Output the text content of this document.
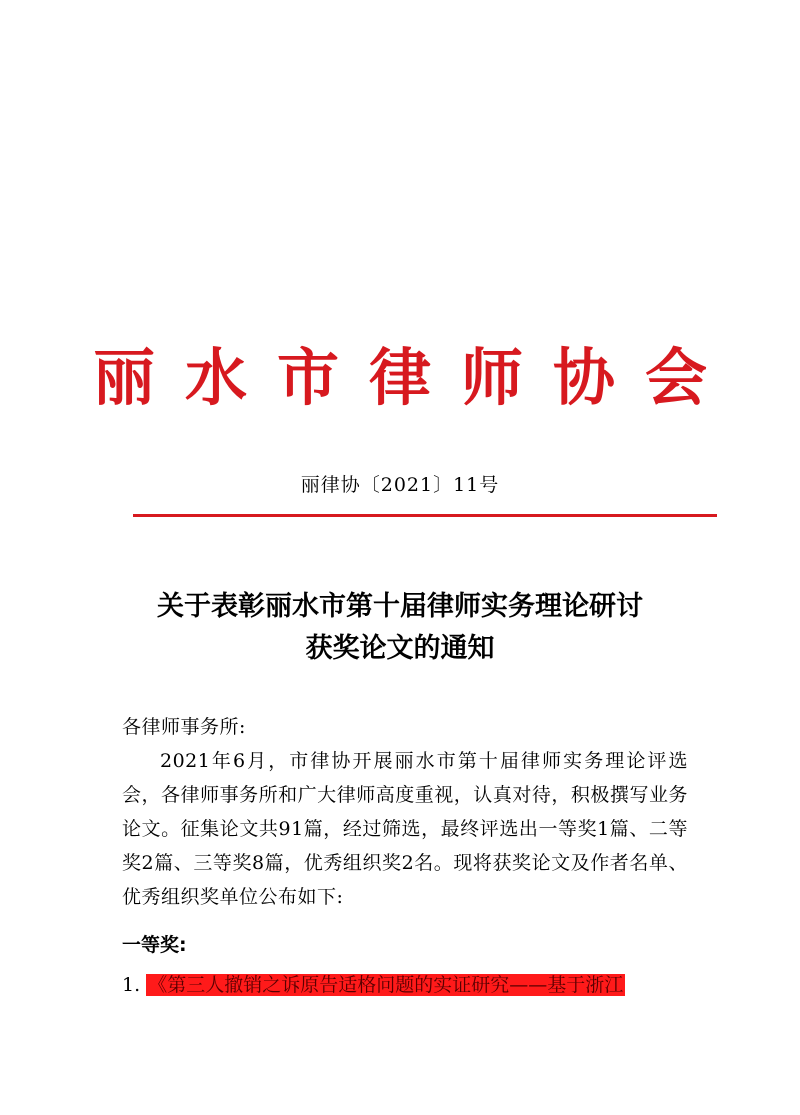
丽水市律师协会
丽律协〔2021〕11号
关于表彰丽水市第十届律师实务理论研讨
获奖论文的通知

各律师事务所:

2021年6月，市律协开展丽水市第十届律师实务理论评选会，各律师事务所和广大律师高度重视，认真对待，积极撰写业务论文。征集论文共91篇，经过筛选，最终评选出一等奖1篇、二等奖2篇、三等奖8篇，优秀组织奖2名。现将获奖论文及作者名单、优秀组织奖单位公布如下:

一等奖:
1. 《第三人撤销之诉原告适格问题的实证研究——基于浙江
